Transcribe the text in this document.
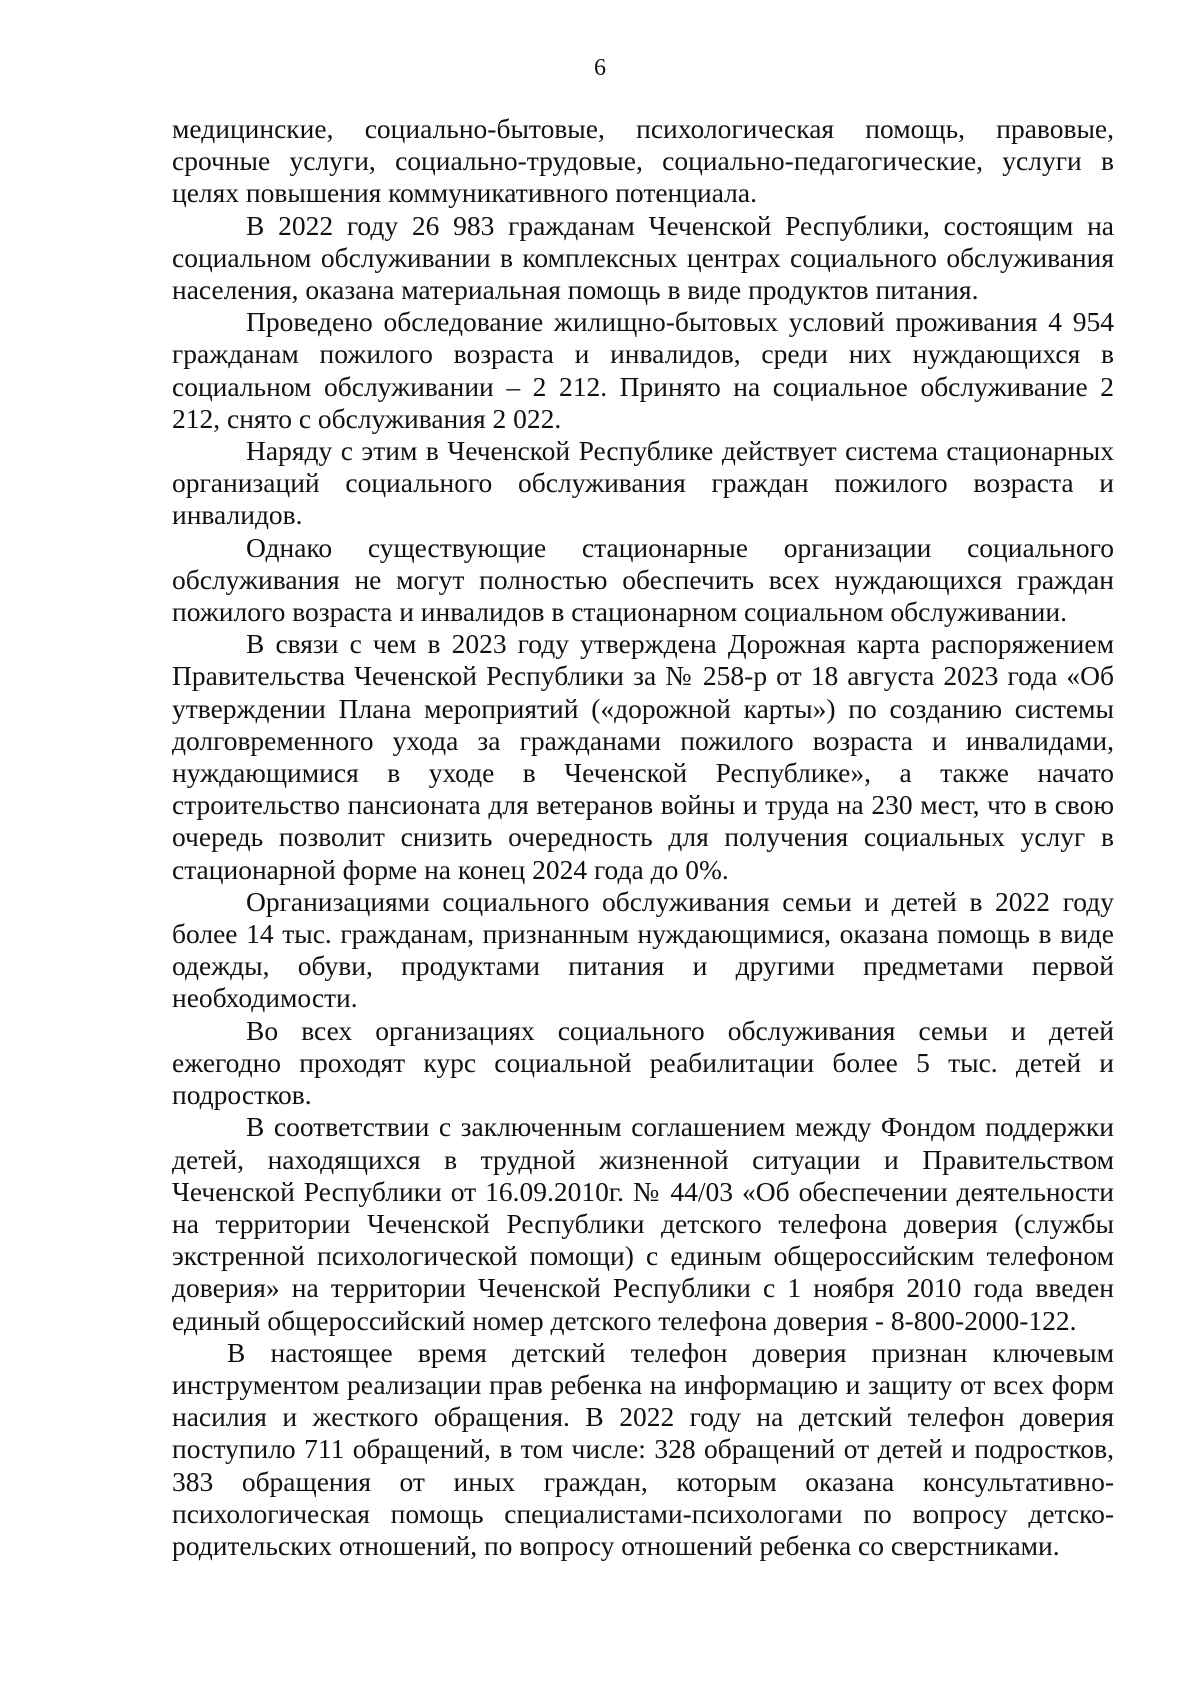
6

медицинские, социально-бытовые, психологическая помощь, правовые, срочные услуги, социально-трудовые, социально-педагогические, услуги в целях повышения коммуникативного потенциала.

В 2022 году 26 983 гражданам Чеченской Республики, состоящим на социальном обслуживании в комплексных центрах социального обслуживания населения, оказана материальная помощь в виде продуктов питания.

Проведено обследование жилищно-бытовых условий проживания 4 954 гражданам пожилого возраста и инвалидов, среди них нуждающихся в социальном обслуживании – 2 212. Принято на социальное обслуживание 2 212, снято с обслуживания 2 022.

Наряду с этим в Чеченской Республике действует система стационарных организаций социального обслуживания граждан пожилого возраста и инвалидов.

Однако существующие стационарные организации социального обслуживания не могут полностью обеспечить всех нуждающихся граждан пожилого возраста и инвалидов в стационарном социальном обслуживании.

В связи с чем в 2023 году утверждена Дорожная карта распоряжением Правительства Чеченской Республики за № 258-р от 18 августа 2023 года «Об утверждении Плана мероприятий («дорожной карты») по созданию системы долговременного ухода за гражданами пожилого возраста и инвалидами, нуждающимися в уходе в Чеченской Республике», а также начато строительство пансионата для ветеранов войны и труда на 230 мест, что в свою очередь позволит снизить очередность для получения социальных услуг в стационарной форме на конец 2024 года до 0%.

Организациями социального обслуживания семьи и детей в 2022 году более 14 тыс. гражданам, признанным нуждающимися, оказана помощь в виде одежды, обуви, продуктами питания и другими предметами первой необходимости.

Во всех организациях социального обслуживания семьи и детей ежегодно проходят курс социальной реабилитации более 5 тыс. детей и подростков.

В соответствии с заключенным соглашением между Фондом поддержки детей, находящихся в трудной жизненной ситуации и Правительством Чеченской Республики от 16.09.2010г. № 44/03 «Об обеспечении деятельности на территории Чеченской Республики детского телефона доверия (службы экстренной психологической помощи) с единым общероссийским телефоном доверия» на территории Чеченской Республики с 1 ноября 2010 года введен единый общероссийский номер детского телефона доверия - 8-800-2000-122.

В настоящее время детский телефон доверия признан ключевым инструментом реализации прав ребенка на информацию и защиту от всех форм насилия и жесткого обращения. В 2022 году на детский телефон доверия поступило 711 обращений, в том числе: 328 обращений от детей и подростков, 383 обращения от иных граждан, которым оказана консультативно-психологическая помощь специалистами-психологами по вопросу детско-родительских отношений, по вопросу отношений ребенка со сверстниками.
